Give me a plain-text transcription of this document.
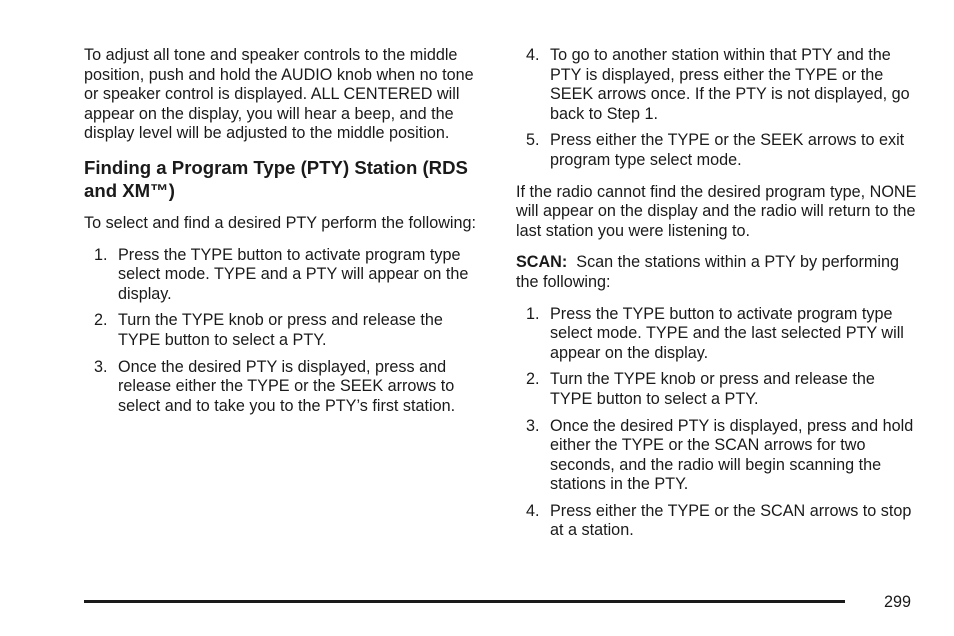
To adjust all tone and speaker controls to the middle position, push and hold the AUDIO knob when no tone or speaker control is displayed. ALL CENTERED will appear on the display, you will hear a beep, and the display level will be adjusted to the middle position.

Finding a Program Type (PTY) Station (RDS and XM™)

To select and find a desired PTY perform the following:

1. Press the TYPE button to activate program type select mode. TYPE and a PTY will appear on the display.
2. Turn the TYPE knob or press and release the TYPE button to select a PTY.
3. Once the desired PTY is displayed, press and release either the TYPE or the SEEK arrows to select and to take you to the PTY’s first station.
4. To go to another station within that PTY and the PTY is displayed, press either the TYPE or the SEEK arrows once. If the PTY is not displayed, go back to Step 1.
5. Press either the TYPE or the SEEK arrows to exit program type select mode.

If the radio cannot find the desired program type, NONE will appear on the display and the radio will return to the last station you were listening to.

SCAN: Scan the stations within a PTY by performing the following:

1. Press the TYPE button to activate program type select mode. TYPE and the last selected PTY will appear on the display.
2. Turn the TYPE knob or press and release the TYPE button to select a PTY.
3. Once the desired PTY is displayed, press and hold either the TYPE or the SCAN arrows for two seconds, and the radio will begin scanning the stations in the PTY.
4. Press either the TYPE or the SCAN arrows to stop at a station.
299
